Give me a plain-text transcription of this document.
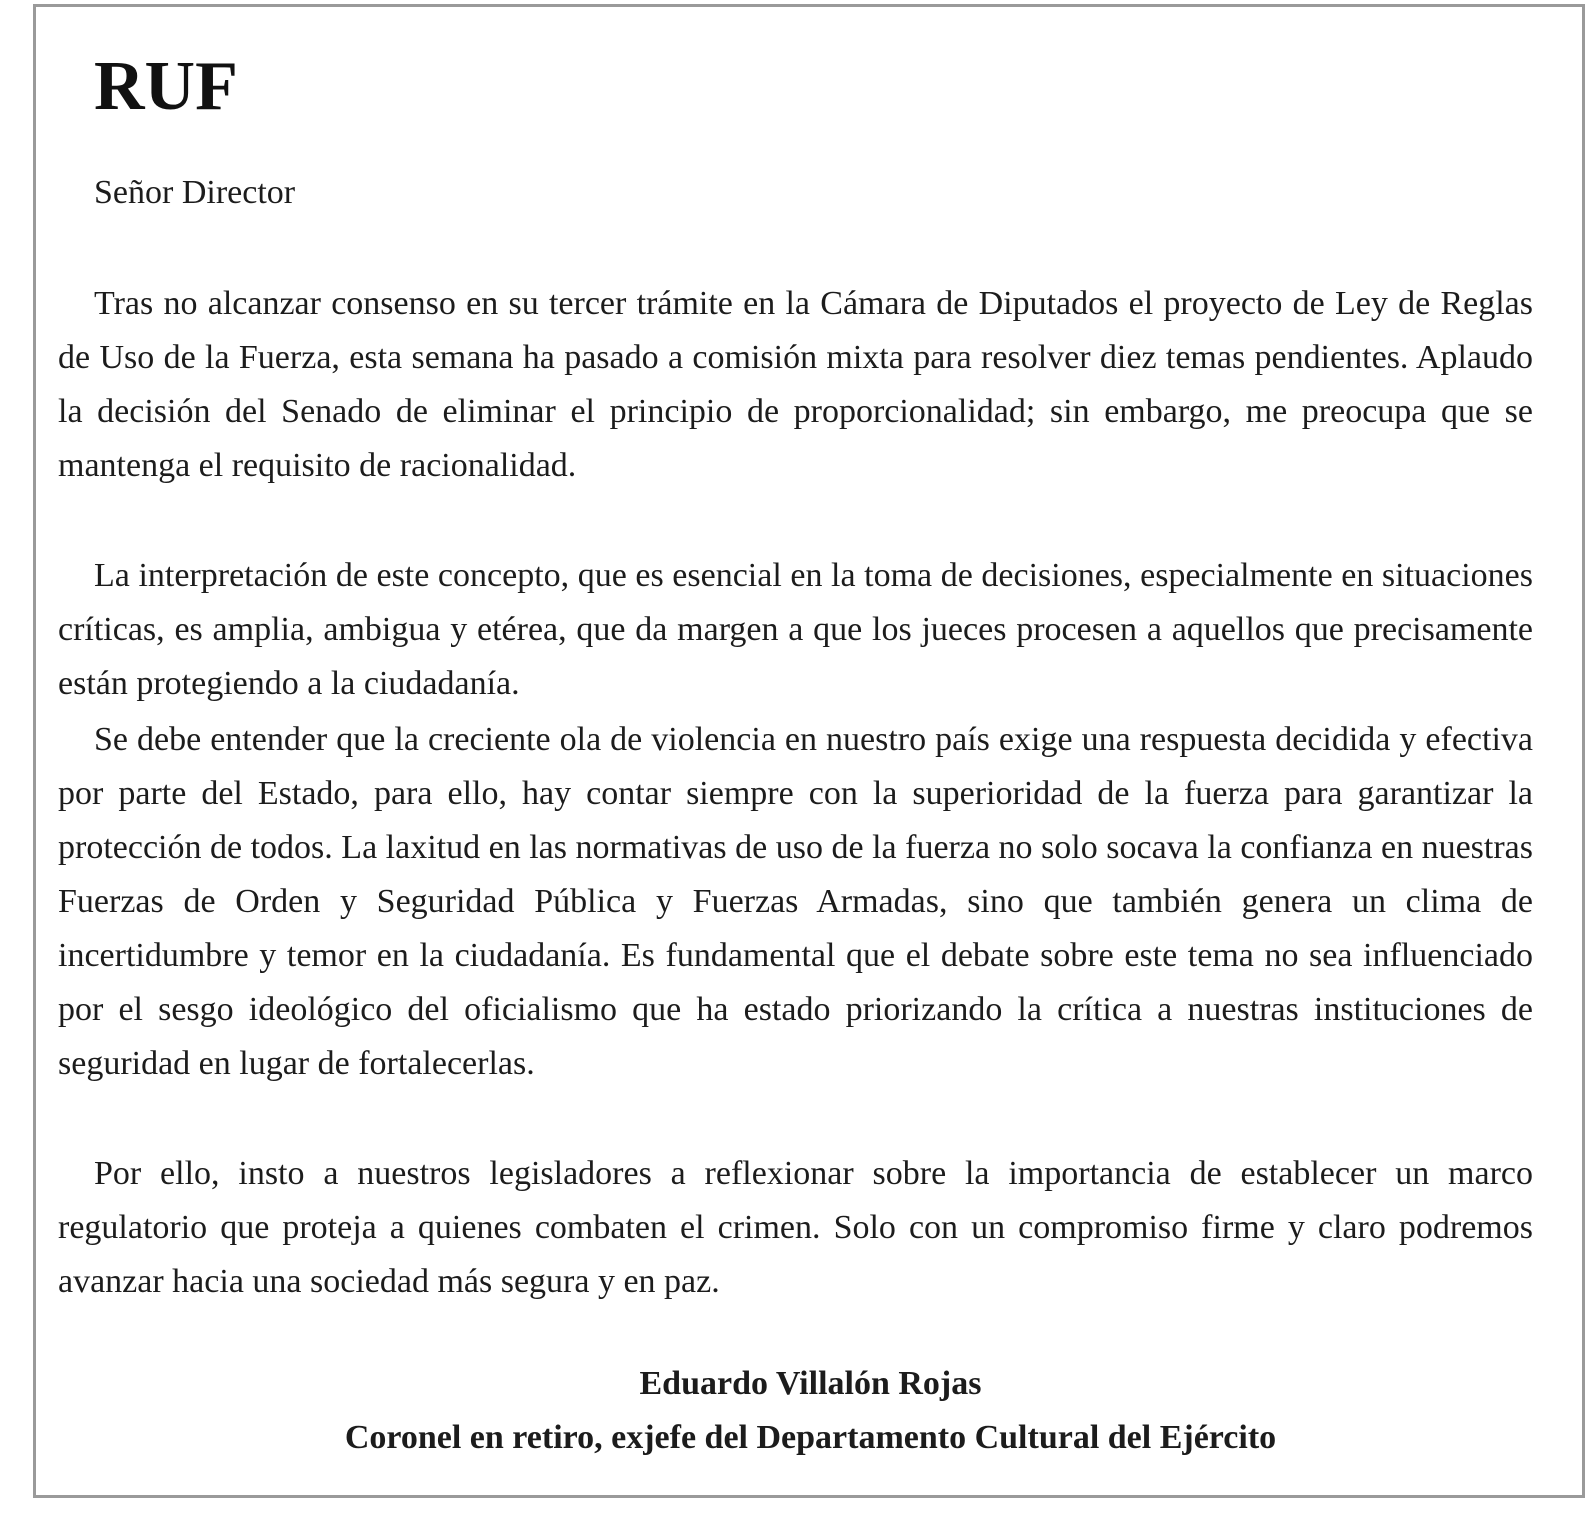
RUF

Señor Director

Tras no alcanzar consenso en su tercer trámite en la Cámara de Diputados el proyecto de Ley de Reglas de Uso de la Fuerza, esta semana ha pasado a comisión mixta para resolver diez temas pendientes. Aplaudo la decisión del Senado de eliminar el principio de proporcionalidad; sin embargo, me preocupa que se mantenga el requisito de racionalidad.

La interpretación de este concepto, que es esencial en la toma de decisiones, especialmente en situaciones críticas, es amplia, ambigua y etérea, que da margen a que los jueces procesen a aquellos que precisamente están protegiendo a la ciudadanía.

Se debe entender que la creciente ola de violencia en nuestro país exige una respuesta decidida y efectiva por parte del Estado, para ello, hay contar siempre con la superioridad de la fuerza para garantizar la protección de todos. La laxitud en las normativas de uso de la fuerza no solo socava la confianza en nuestras Fuerzas de Orden y Seguridad Pública y Fuerzas Armadas, sino que también genera un clima de incertidumbre y temor en la ciudadanía. Es fundamental que el debate sobre este tema no sea influenciado por el sesgo ideológico del oficialismo que ha estado priorizando la crítica a nuestras instituciones de seguridad en lugar de fortalecerlas.

Por ello, insto a nuestros legisladores a reflexionar sobre la importancia de establecer un marco regulatorio que proteja a quienes combaten el crimen. Solo con un compromiso firme y claro podremos avanzar hacia una sociedad más segura y en paz.

Eduardo Villalón Rojas
Coronel en retiro, exjefe del Departamento Cultural del Ejército
